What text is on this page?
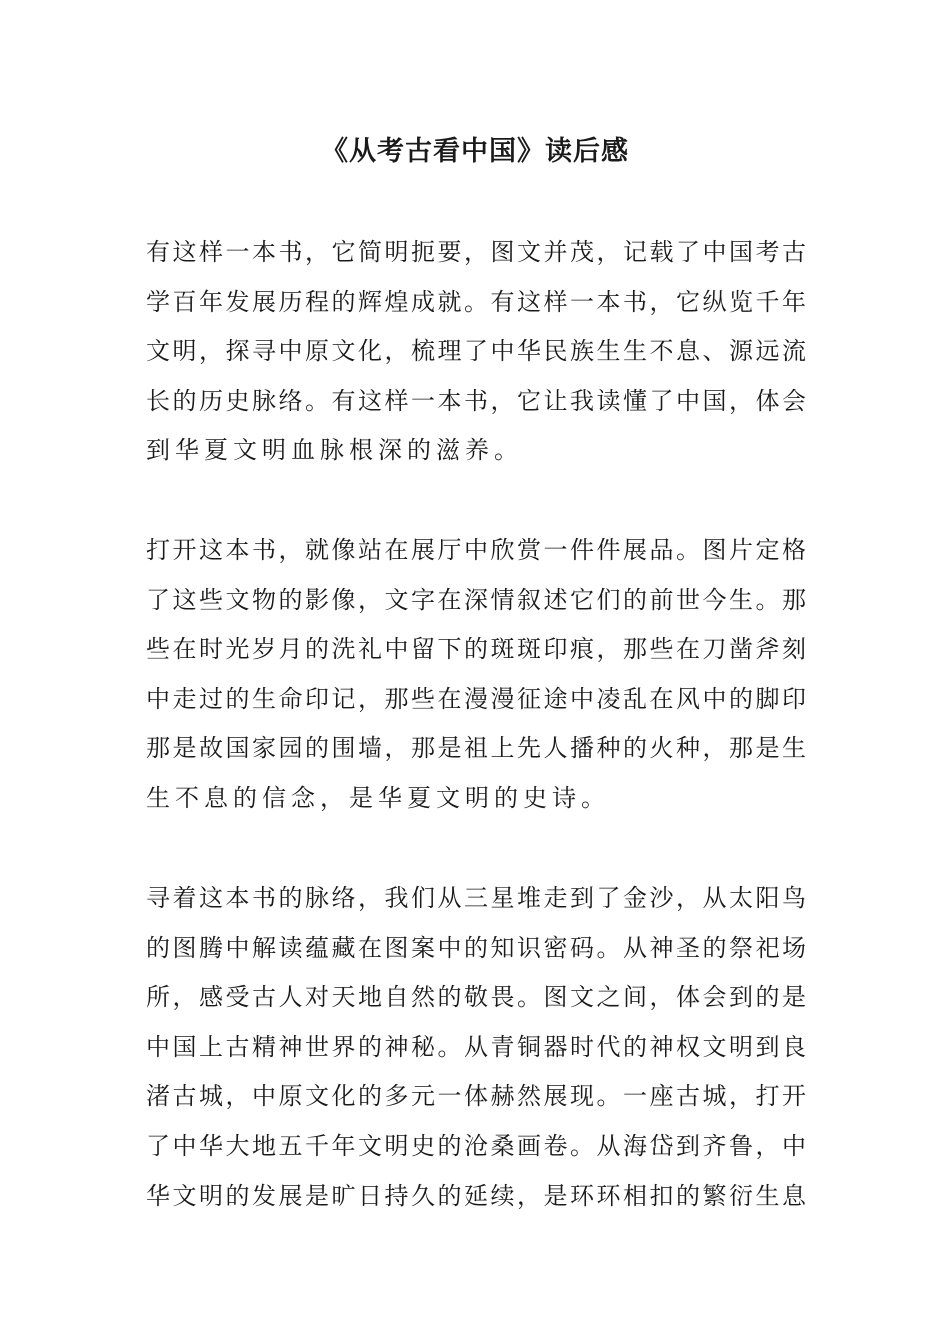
《从考古看中国》读后感
有这样一本书，它简明扼要，图文并茂，记载了中国考古
学百年发展历程的辉煌成就。有这样一本书，它纵览千年
文明，探寻中原文化，梳理了中华民族生生不息、源远流
长的历史脉络。有这样一本书，它让我读懂了中国，体会
到华夏文明血脉根深的滋养。
打开这本书，就像站在展厅中欣赏一件件展品。图片定格
了这些文物的影像，文字在深情叙述它们的前世今生。那
些在时光岁月的洗礼中留下的斑斑印痕，那些在刀凿斧刻
中走过的生命印记，那些在漫漫征途中凌乱在风中的脚印
那是故国家园的围墙，那是祖上先人播种的火种，那是生
生不息的信念，是华夏文明的史诗。
寻着这本书的脉络，我们从三星堆走到了金沙，从太阳鸟
的图腾中解读蕴藏在图案中的知识密码。从神圣的祭祀场
所，感受古人对天地自然的敬畏。图文之间，体会到的是
中国上古精神世界的神秘。从青铜器时代的神权文明到良
渚古城，中原文化的多元一体赫然展现。一座古城，打开
了中华大地五千年文明史的沧桑画卷。从海岱到齐鲁，中
华文明的发展是旷日持久的延续，是环环相扣的繁衍生息
